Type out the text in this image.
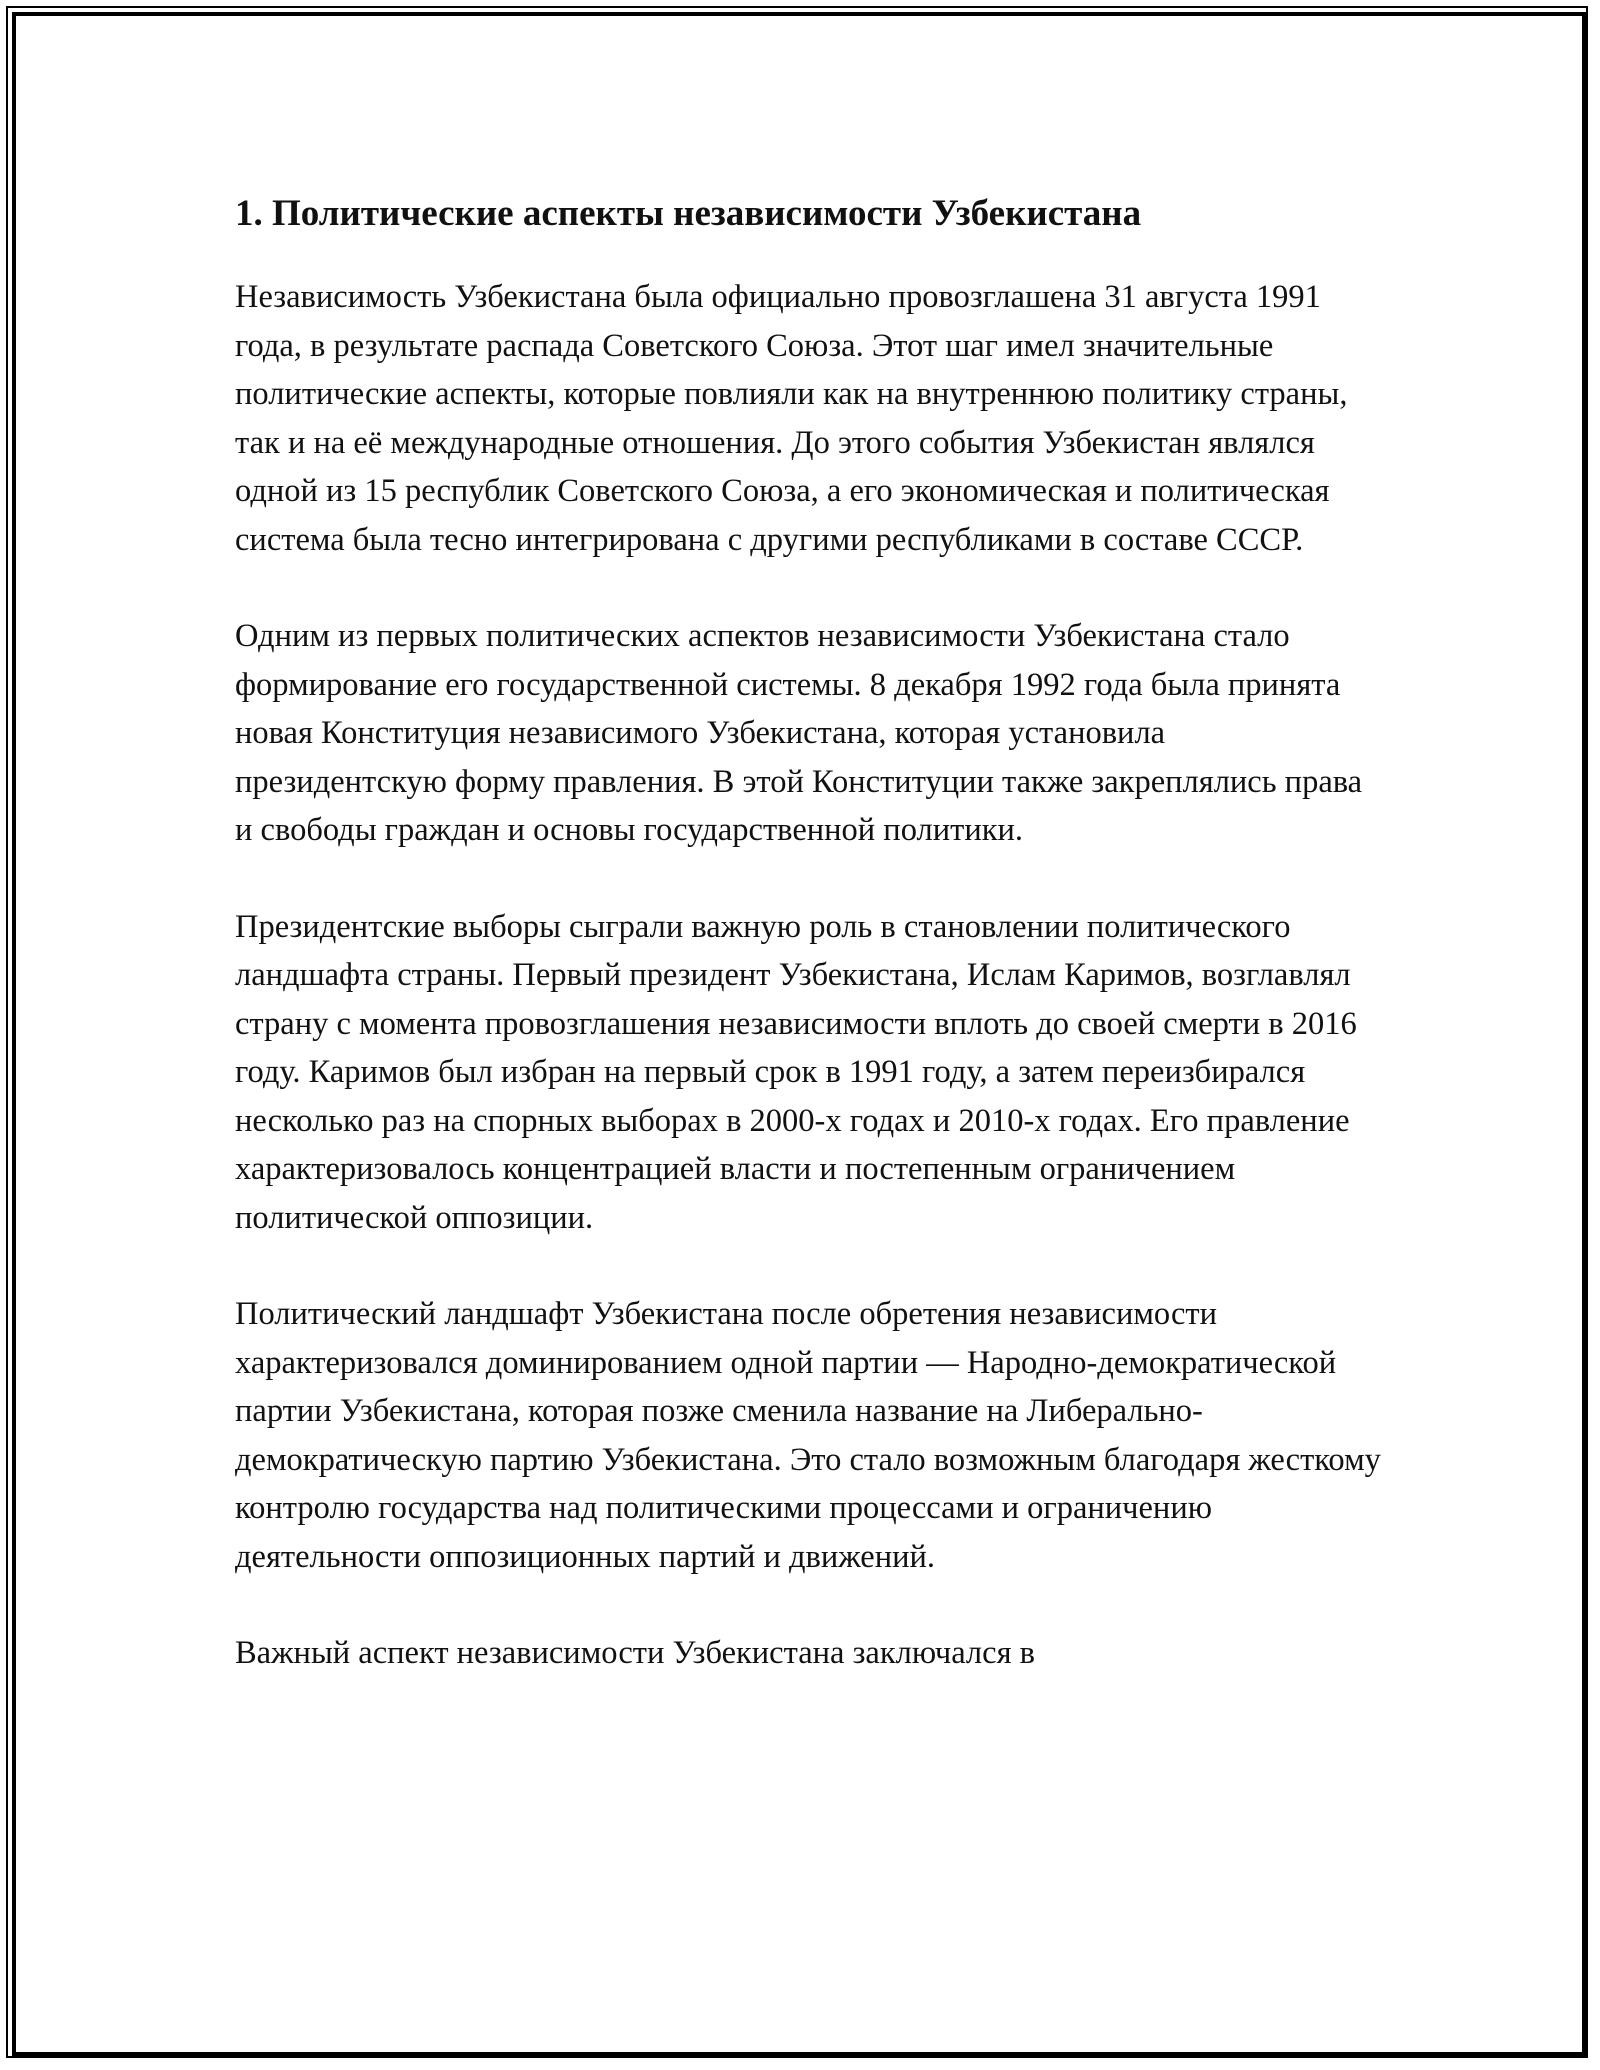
1. Политические аспекты независимости Узбекистана

Независимость Узбекистана была официально провозглашена 31 августа 1991 года, в результате распада Советского Союза. Этот шаг имел значительные политические аспекты, которые повлияли как на внутреннюю политику страны, так и на её международные отношения. До этого события Узбекистан являлся одной из 15 республик Советского Союза, а его экономическая и политическая система была тесно интегрирована с другими республиками в составе СССР.

Одним из первых политических аспектов независимости Узбекистана стало формирование его государственной системы. 8 декабря 1992 года была принята новая Конституция независимого Узбекистана, которая установила президентскую форму правления. В этой Конституции также закреплялись права и свободы граждан и основы государственной политики.

Президентские выборы сыграли важную роль в становлении политического ландшафта страны. Первый президент Узбекистана, Ислам Каримов, возглавлял страну с момента провозглашения независимости вплоть до своей смерти в 2016 году. Каримов был избран на первый срок в 1991 году, а затем переизбирался несколько раз на спорных выборах в 2000-х годах и 2010-х годах. Его правление характеризовалось концентрацией власти и постепенным ограничением политической оппозиции.

Политический ландшафт Узбекистана после обретения независимости характеризовался доминированием одной партии — Народно-демократической партии Узбекистана, которая позже сменила название на Либерально-демократическую партию Узбекистана. Это стало возможным благодаря жесткому контролю государства над политическими процессами и ограничению деятельности оппозиционных партий и движений.

Важный аспект независимости Узбекистана заключался в
